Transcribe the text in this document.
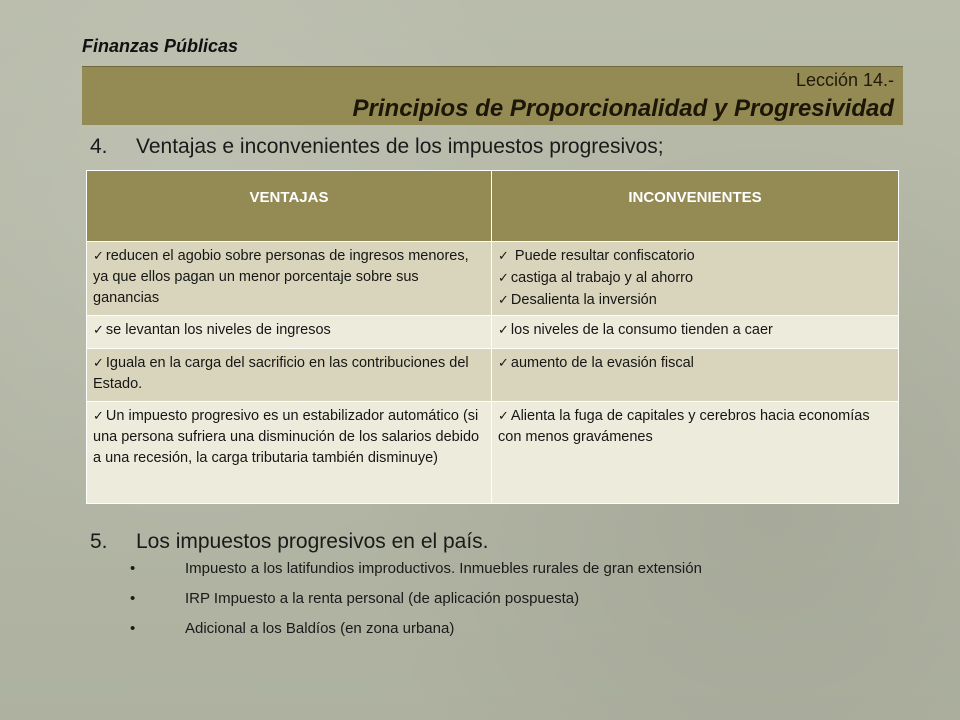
Finanzas Públicas
Lección 14.-
Principios de Proporcionalidad y Progresividad
4. Ventajas e inconvenientes de los impuestos progresivos;
VENTAJAS	INCONVENIENTES
✓ reducen el agobio sobre personas de ingresos menores, ya que ellos pagan un menor porcentaje sobre sus ganancias	✓ Puede resultar confiscatorio
✓ castiga al trabajo y al ahorro
✓ Desalienta la inversión

✓ se levantan los niveles de ingresos	✓ los niveles de la consumo tienden a caer
✓ Iguala en la carga del sacrificio en las contribuciones del Estado.	✓ aumento de la evasión fiscal
✓ Un impuesto progresivo es un estabilizador automático (si una persona sufriera una disminución de los salarios debido a una recesión, la carga tributaria también disminuye)	✓ Alienta la fuga de capitales y cerebros hacia economías con menos gravámenes
5. Los impuestos progresivos en el país.
•	Impuesto a los latifundios improductivos. Inmuebles rurales de gran extensión
•	IRP Impuesto a la renta personal (de aplicación pospuesta)
•	Adicional a los Baldíos (en zona urbana)
